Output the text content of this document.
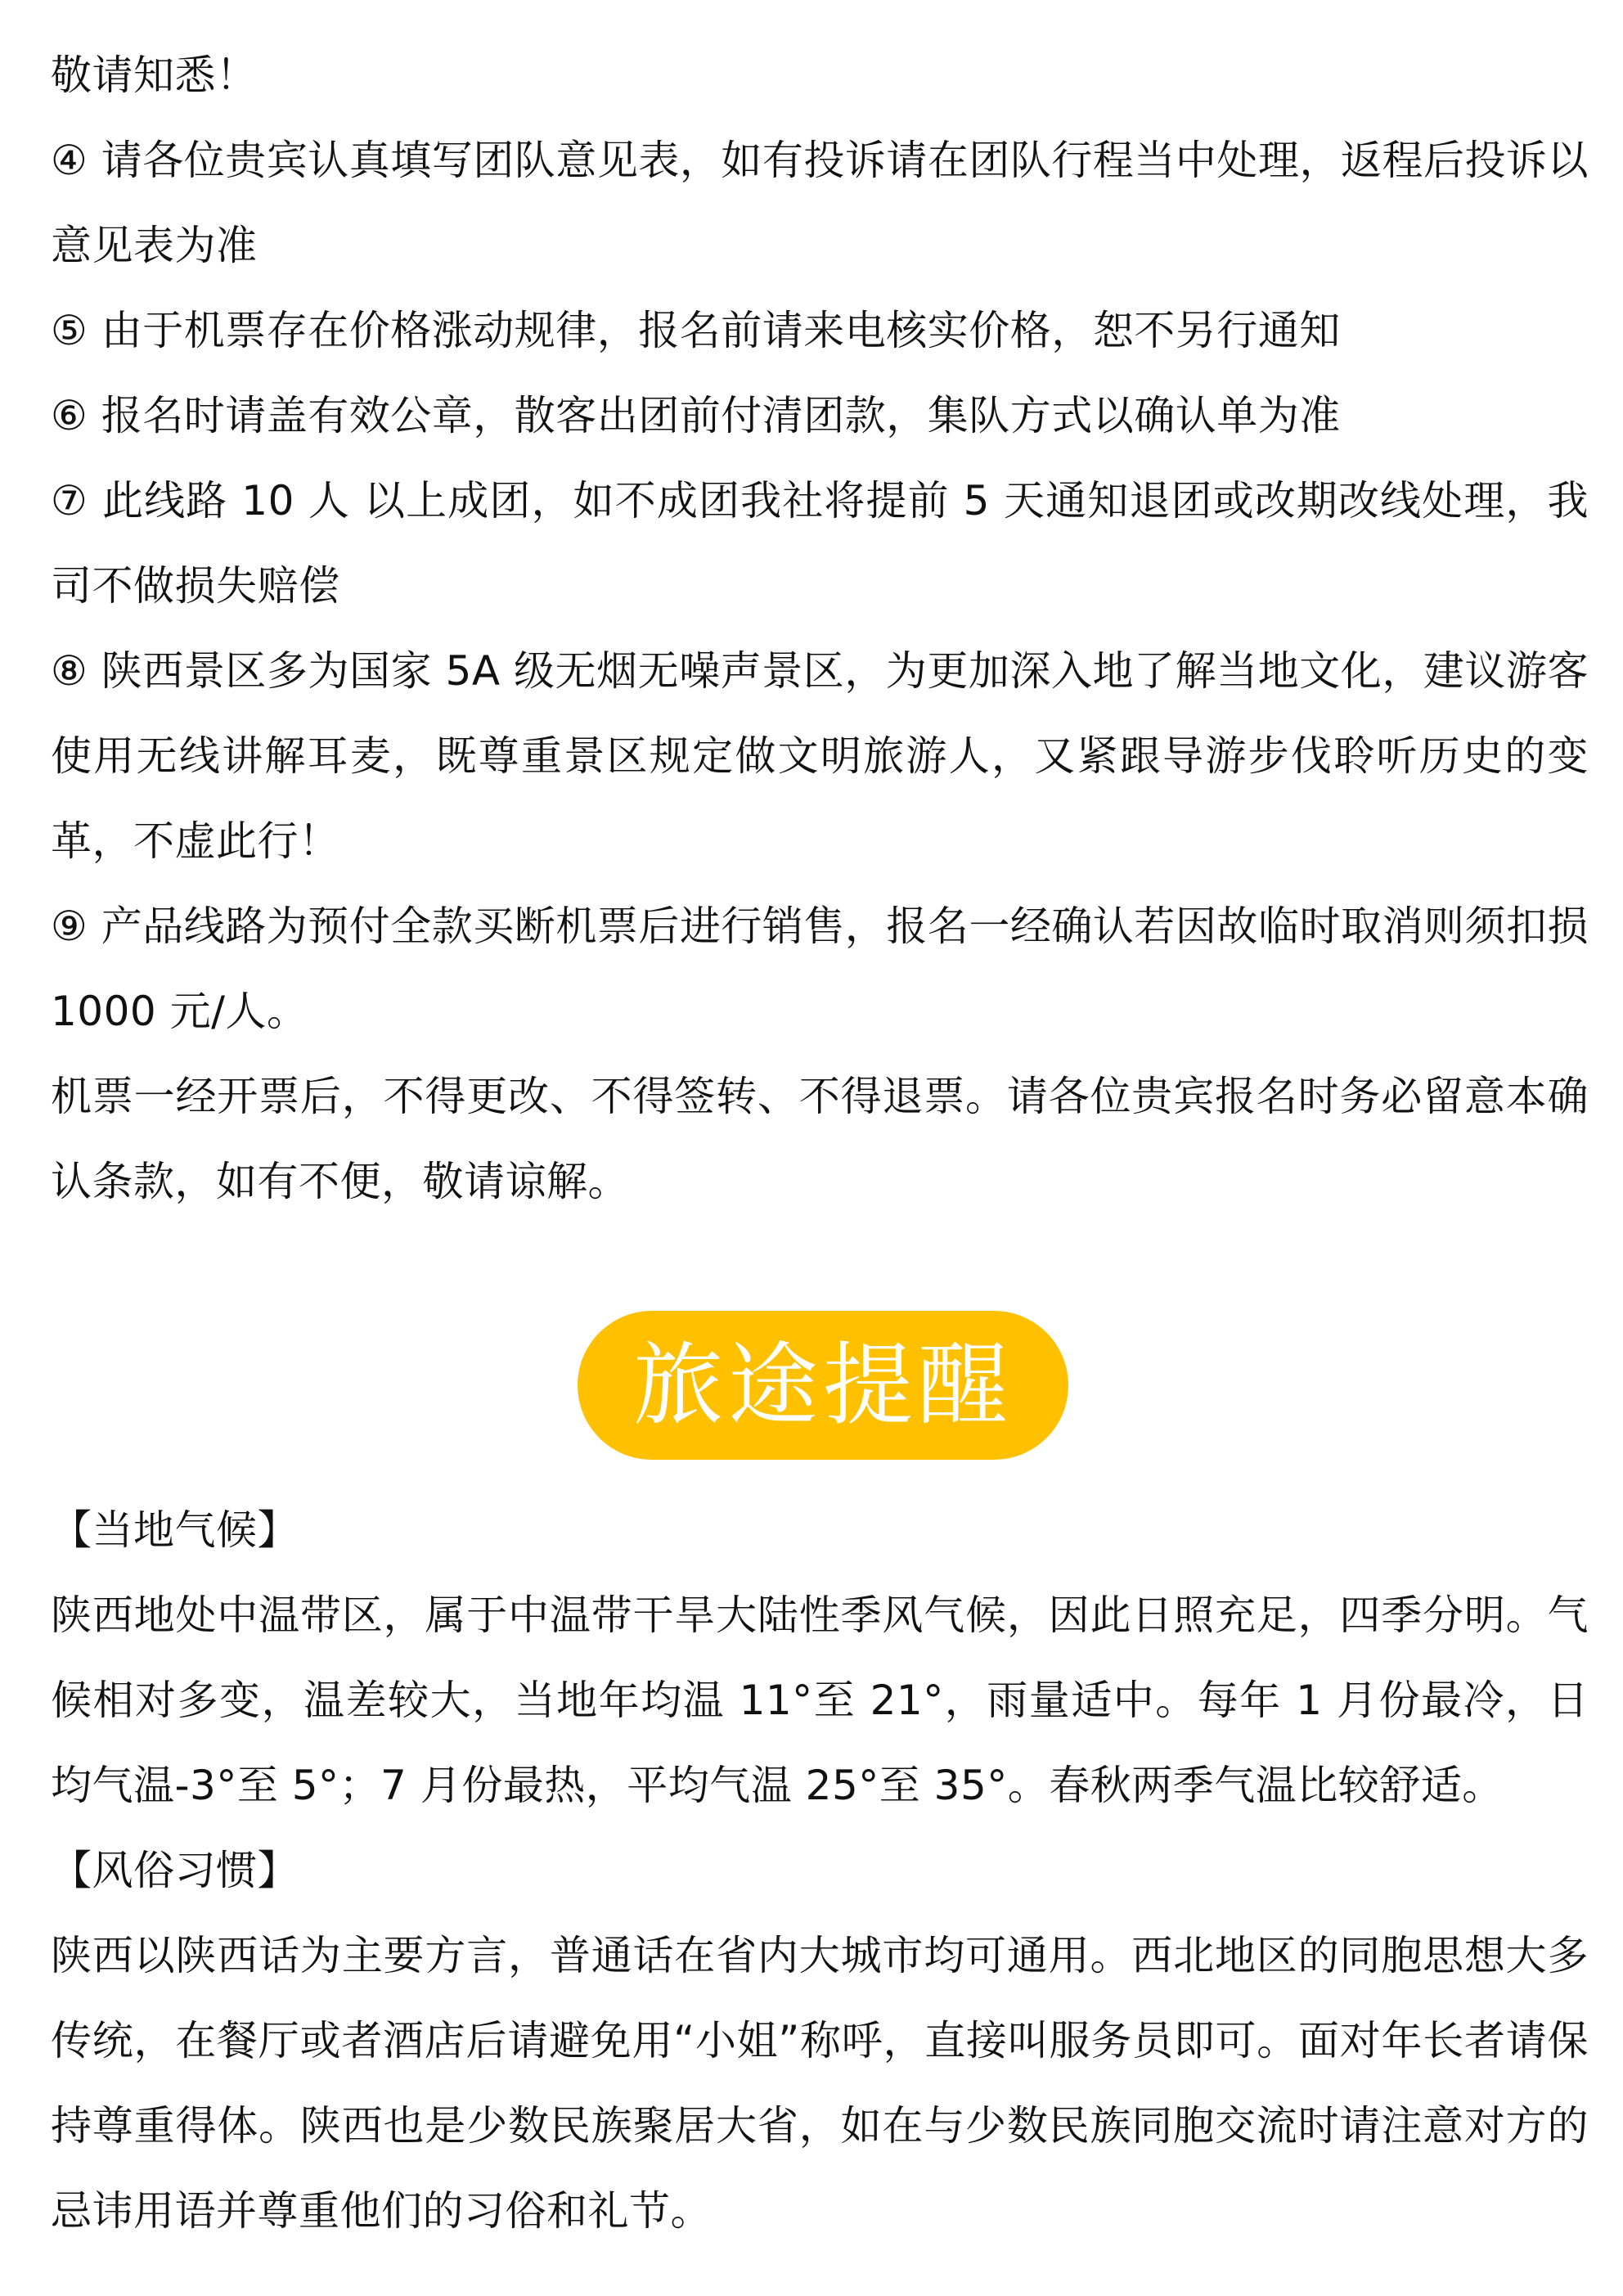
敬请知悉！

④ 请各位贵宾认真填写团队意见表，如有投诉请在团队行程当中处理，返程后投诉以意见表为准

⑤ 由于机票存在价格涨动规律，报名前请来电核实价格，恕不另行通知

⑥ 报名时请盖有效公章，散客出团前付清团款，集队方式以确认单为准

⑦ 此线路 10 人 以上成团，如不成团我社将提前 5 天通知退团或改期改线处理，我司不做损失赔偿

⑧ 陕西景区多为国家 5A 级无烟无噪声景区，为更加深入地了解当地文化，建议游客使用无线讲解耳麦，既尊重景区规定做文明旅游人，又紧跟导游步伐聆听历史的变革，不虚此行！

⑨ 产品线路为预付全款买断机票后进行销售，报名一经确认若因故临时取消则须扣损 1000 元/人。

机票一经开票后，不得更改、不得签转、不得退票。请各位贵宾报名时务必留意本确认条款，如有不便，敬请谅解。

旅途提醒

【当地气候】

陕西地处中温带区，属于中温带干旱大陆性季风气候，因此日照充足，四季分明。气候相对多变，温差较大，当地年均温 11°至 21°，雨量适中。每年 1 月份最冷，日均气温-3°至 5°；7 月份最热，平均气温 25°至 35°。春秋两季气温比较舒适。

【风俗习惯】

陕西以陕西话为主要方言，普通话在省内大城市均可通用。西北地区的同胞思想大多传统，在餐厅或者酒店后请避免用“小姐”称呼，直接叫服务员即可。面对年长者请保持尊重得体。陕西也是少数民族聚居大省，如在与少数民族同胞交流时请注意对方的忌讳用语并尊重他们的习俗和礼节。
